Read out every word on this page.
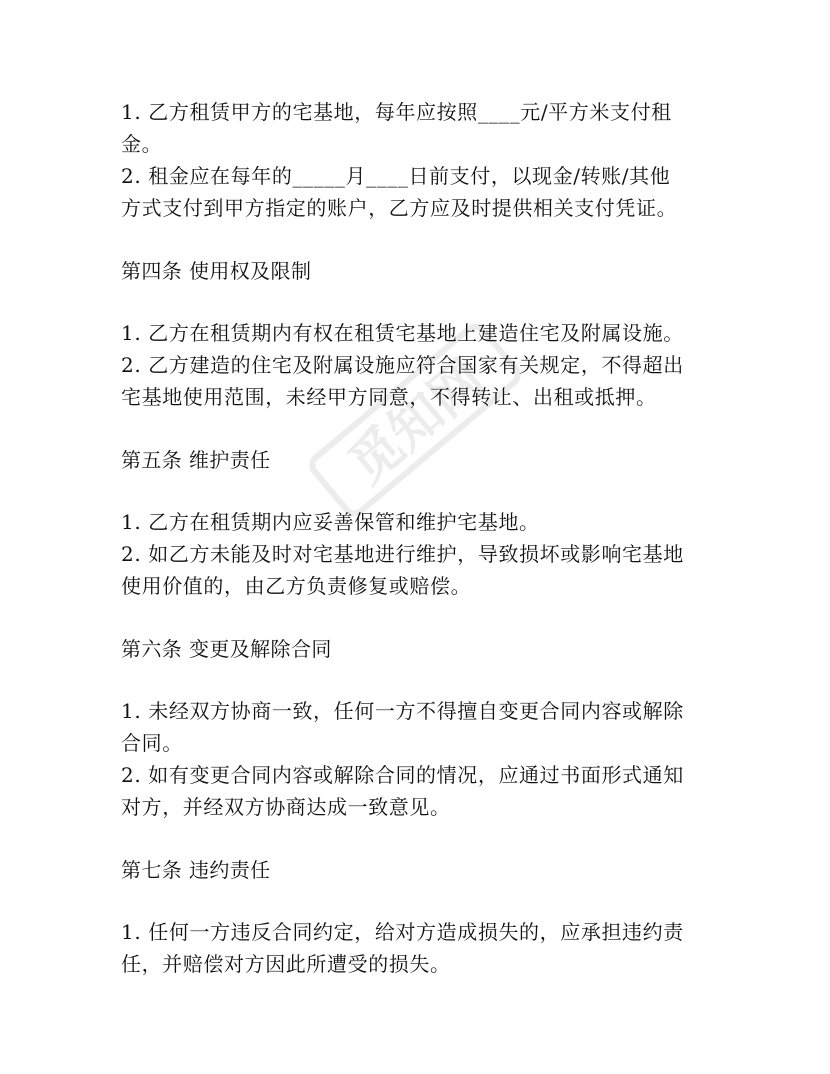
觅知网

1. 乙方租赁甲方的宅基地，每年应按照____元/平方米支付租

金。

2. 租金应在每年的_____月____日前支付，以现金/转账/其他

方式支付到甲方指定的账户，乙方应及时提供相关支付凭证。

第四条 使用权及限制

1. 乙方在租赁期内有权在租赁宅基地上建造住宅及附属设施。

2. 乙方建造的住宅及附属设施应符合国家有关规定，不得超出

宅基地使用范围，未经甲方同意，不得转让、出租或抵押。

第五条 维护责任

1. 乙方在租赁期内应妥善保管和维护宅基地。

2. 如乙方未能及时对宅基地进行维护，导致损坏或影响宅基地

使用价值的，由乙方负责修复或赔偿。

第六条 变更及解除合同

1. 未经双方协商一致，任何一方不得擅自变更合同内容或解除

合同。

2. 如有变更合同内容或解除合同的情况，应通过书面形式通知

对方，并经双方协商达成一致意见。

第七条 违约责任

1. 任何一方违反合同约定，给对方造成损失的，应承担违约责

任，并赔偿对方因此所遭受的损失。
